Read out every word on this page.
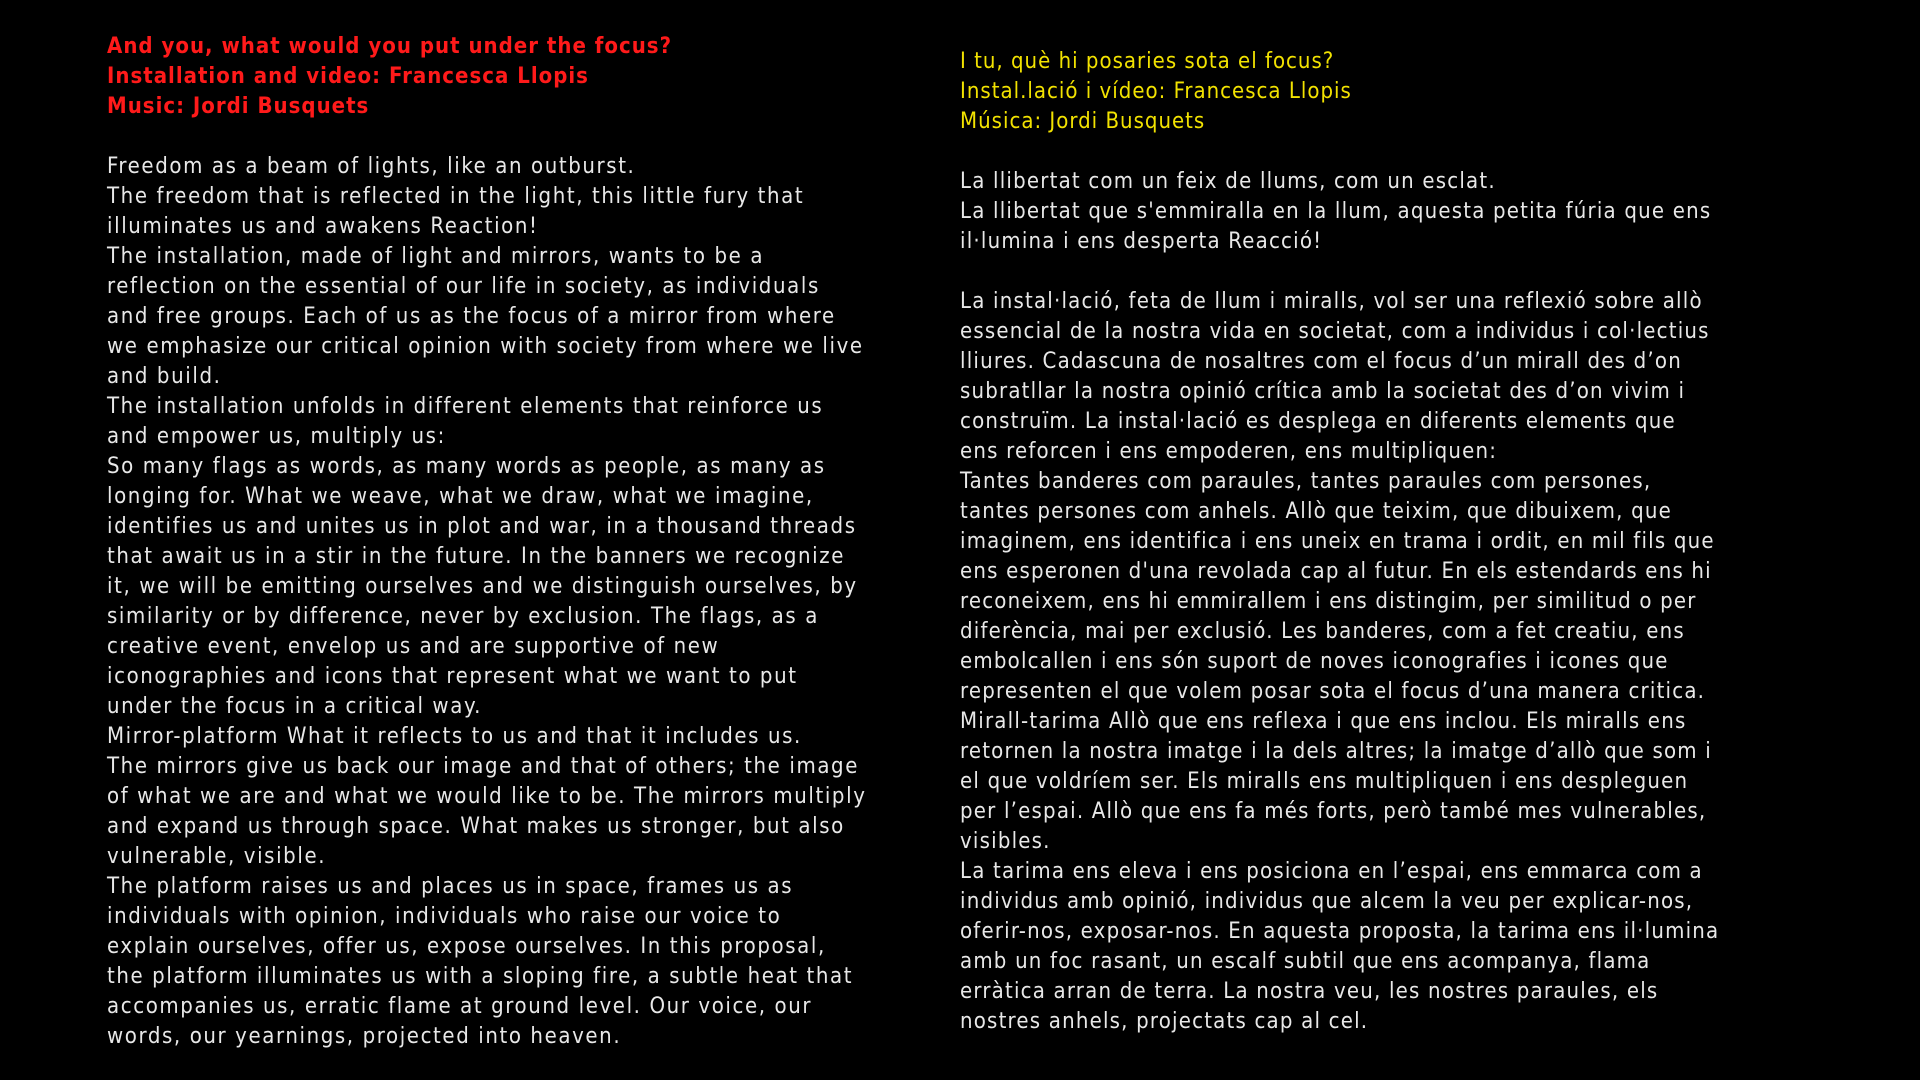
And you, what would you put under the focus?
Installation and video: Francesca Llopis
Music: Jordi Busquets

Freedom as a beam of lights, like an outburst.

The freedom that is reflected in the light, this little fury that illuminates us and awakens Reaction!

The installation, made of light and mirrors, wants to be a reflection on the essential of our life in society, as individuals and free groups. Each of us as the focus of a mirror from where we emphasize our critical opinion with society from where we live and build.

The installation unfolds in different elements that reinforce us and empower us, multiply us:

So many flags as words, as many words as people, as many as longing for. What we weave, what we draw, what we imagine, identifies us and unites us in plot and war, in a thousand threads that await us in a stir in the future. In the banners we recognize it, we will be emitting ourselves and we distinguish ourselves, by similarity or by difference, never by exclusion. The flags, as a creative event, envelop us and are supportive of new iconographies and icons that represent what we want to put under the focus in a critical way.

Mirror-platform What it reflects to us and that it includes us.

The mirrors give us back our image and that of others; the image of what we are and what we would like to be. The mirrors multiply and expand us through space. What makes us stronger, but also vulnerable, visible.

The platform raises us and places us in space, frames us as individuals with opinion, individuals who raise our voice to explain ourselves, offer us, expose ourselves. In this proposal, the platform illuminates us with a sloping fire, a subtle heat that accompanies us, erratic flame at ground level. Our voice, our words, our yearnings, projected into heaven.

I tu, què hi posaries sota el focus?
Instal.lació i vídeo: Francesca Llopis
Música: Jordi Busquets

La llibertat com un feix de llums, com un esclat.

La llibertat que s'emmiralla en la llum, aquesta petita fúria que ens il·lumina i ens desperta Reacció!

La instal·lació, feta de llum i miralls, vol ser una reflexió sobre allò essencial de la nostra vida en societat, com a individus i col·lectius lliures. Cadascuna de nosaltres com el focus d’un mirall des d’on subratllar la nostra opinió crítica amb la societat des d’on vivim i construïm. La instal·lació es desplega en diferents elements que ens reforcen i ens empoderen, ens multipliquen:

Tantes banderes com paraules, tantes paraules com persones, tantes persones com anhels. Allò que teixim, que dibuixem, que imaginem, ens identifica i ens uneix en trama i ordit, en mil fils que ens esperonen d'una revolada cap al futur. En els estendards ens hi reconeixem, ens hi emmirallem i ens distingim, per similitud o per diferència, mai per exclusió. Les banderes, com a fet creatiu, ens embolcallen i ens són suport de noves iconografies i icones que representen el que volem posar sota el focus d’una manera critica.

Mirall-tarima Allò que ens reflexa i que ens inclou. Els miralls ens retornen la nostra imatge i la dels altres; la imatge d’allò que som i el que voldríem ser. Els miralls ens multipliquen i ens despleguen per l’espai. Allò que ens fa més forts, però també mes vulnerables, visibles.

La tarima ens eleva i ens posiciona en l’espai, ens emmarca com a individus amb opinió, individus que alcem la veu per explicar-nos, oferir-nos, exposar-nos. En aquesta proposta, la tarima ens il·lumina amb un foc rasant, un escalf subtil que ens acompanya, flama erràtica arran de terra. La nostra veu, les nostres paraules, els nostres anhels, projectats cap al cel.
